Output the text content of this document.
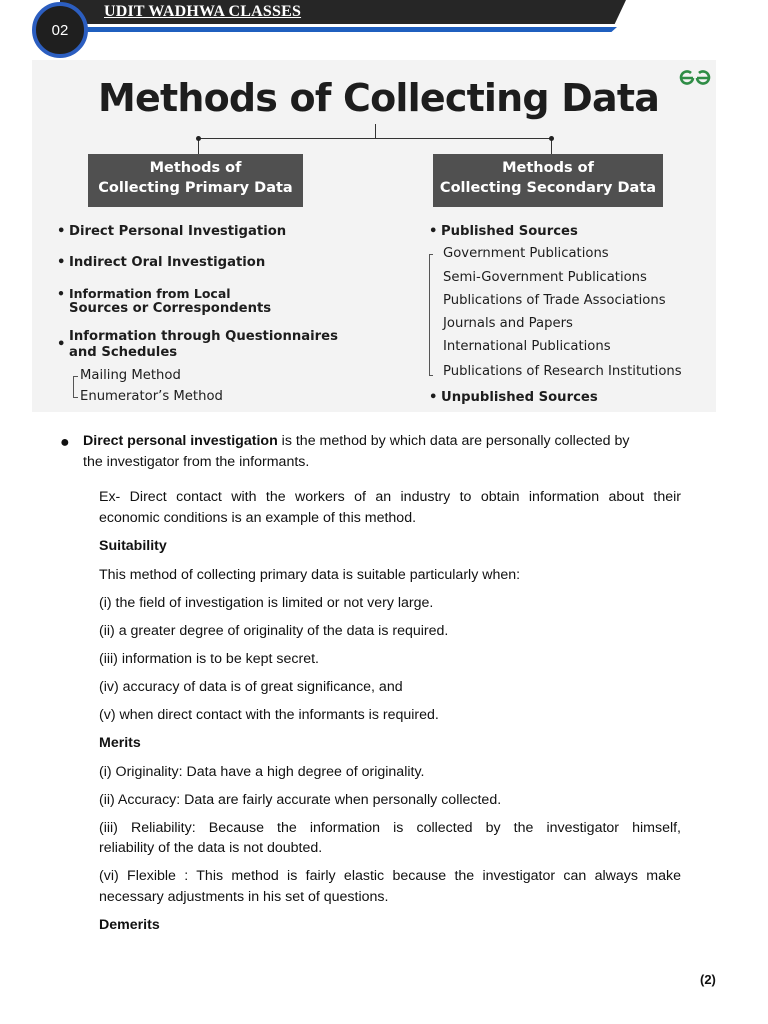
UDIT WADHWA CLASSES
02
Methods of Collecting Data
Methods of
Collecting Primary Data
Methods of
Collecting Secondary Data
• Direct Personal Investigation
• Indirect Oral Investigation
• Information from Local
Sources or Correspondents
Information through Questionnaires
•
and Schedules
Mailing Method
Enumerator’s Method
• Published Sources
Government Publications
Semi-Government Publications
Publications of Trade Associations
Journals and Papers
International Publications
Publications of Research Institutions
• Unpublished Sources
● Direct personal investigation is the method by which data are personally collected by
the investigator from the informants.
Ex- Direct contact with the workers of an industry to obtain information about their
economic conditions is an example of this method.
Suitability
This method of collecting primary data is suitable particularly when:
(i) the field of investigation is limited or not very large.
(ii) a greater degree of originality of the data is required.
(iii) information is to be kept secret.
(iv) accuracy of data is of great significance, and
(v) when direct contact with the informants is required.
Merits
(i) Originality: Data have a high degree of originality.
(ii) Accuracy: Data are fairly accurate when personally collected.
(iii) Reliability: Because the information is collected by the investigator himself,
reliability of the data is not doubted.
(vi) Flexible : This method is fairly elastic because the investigator can always make
necessary adjustments in his set of questions.
Demerits
(2)
